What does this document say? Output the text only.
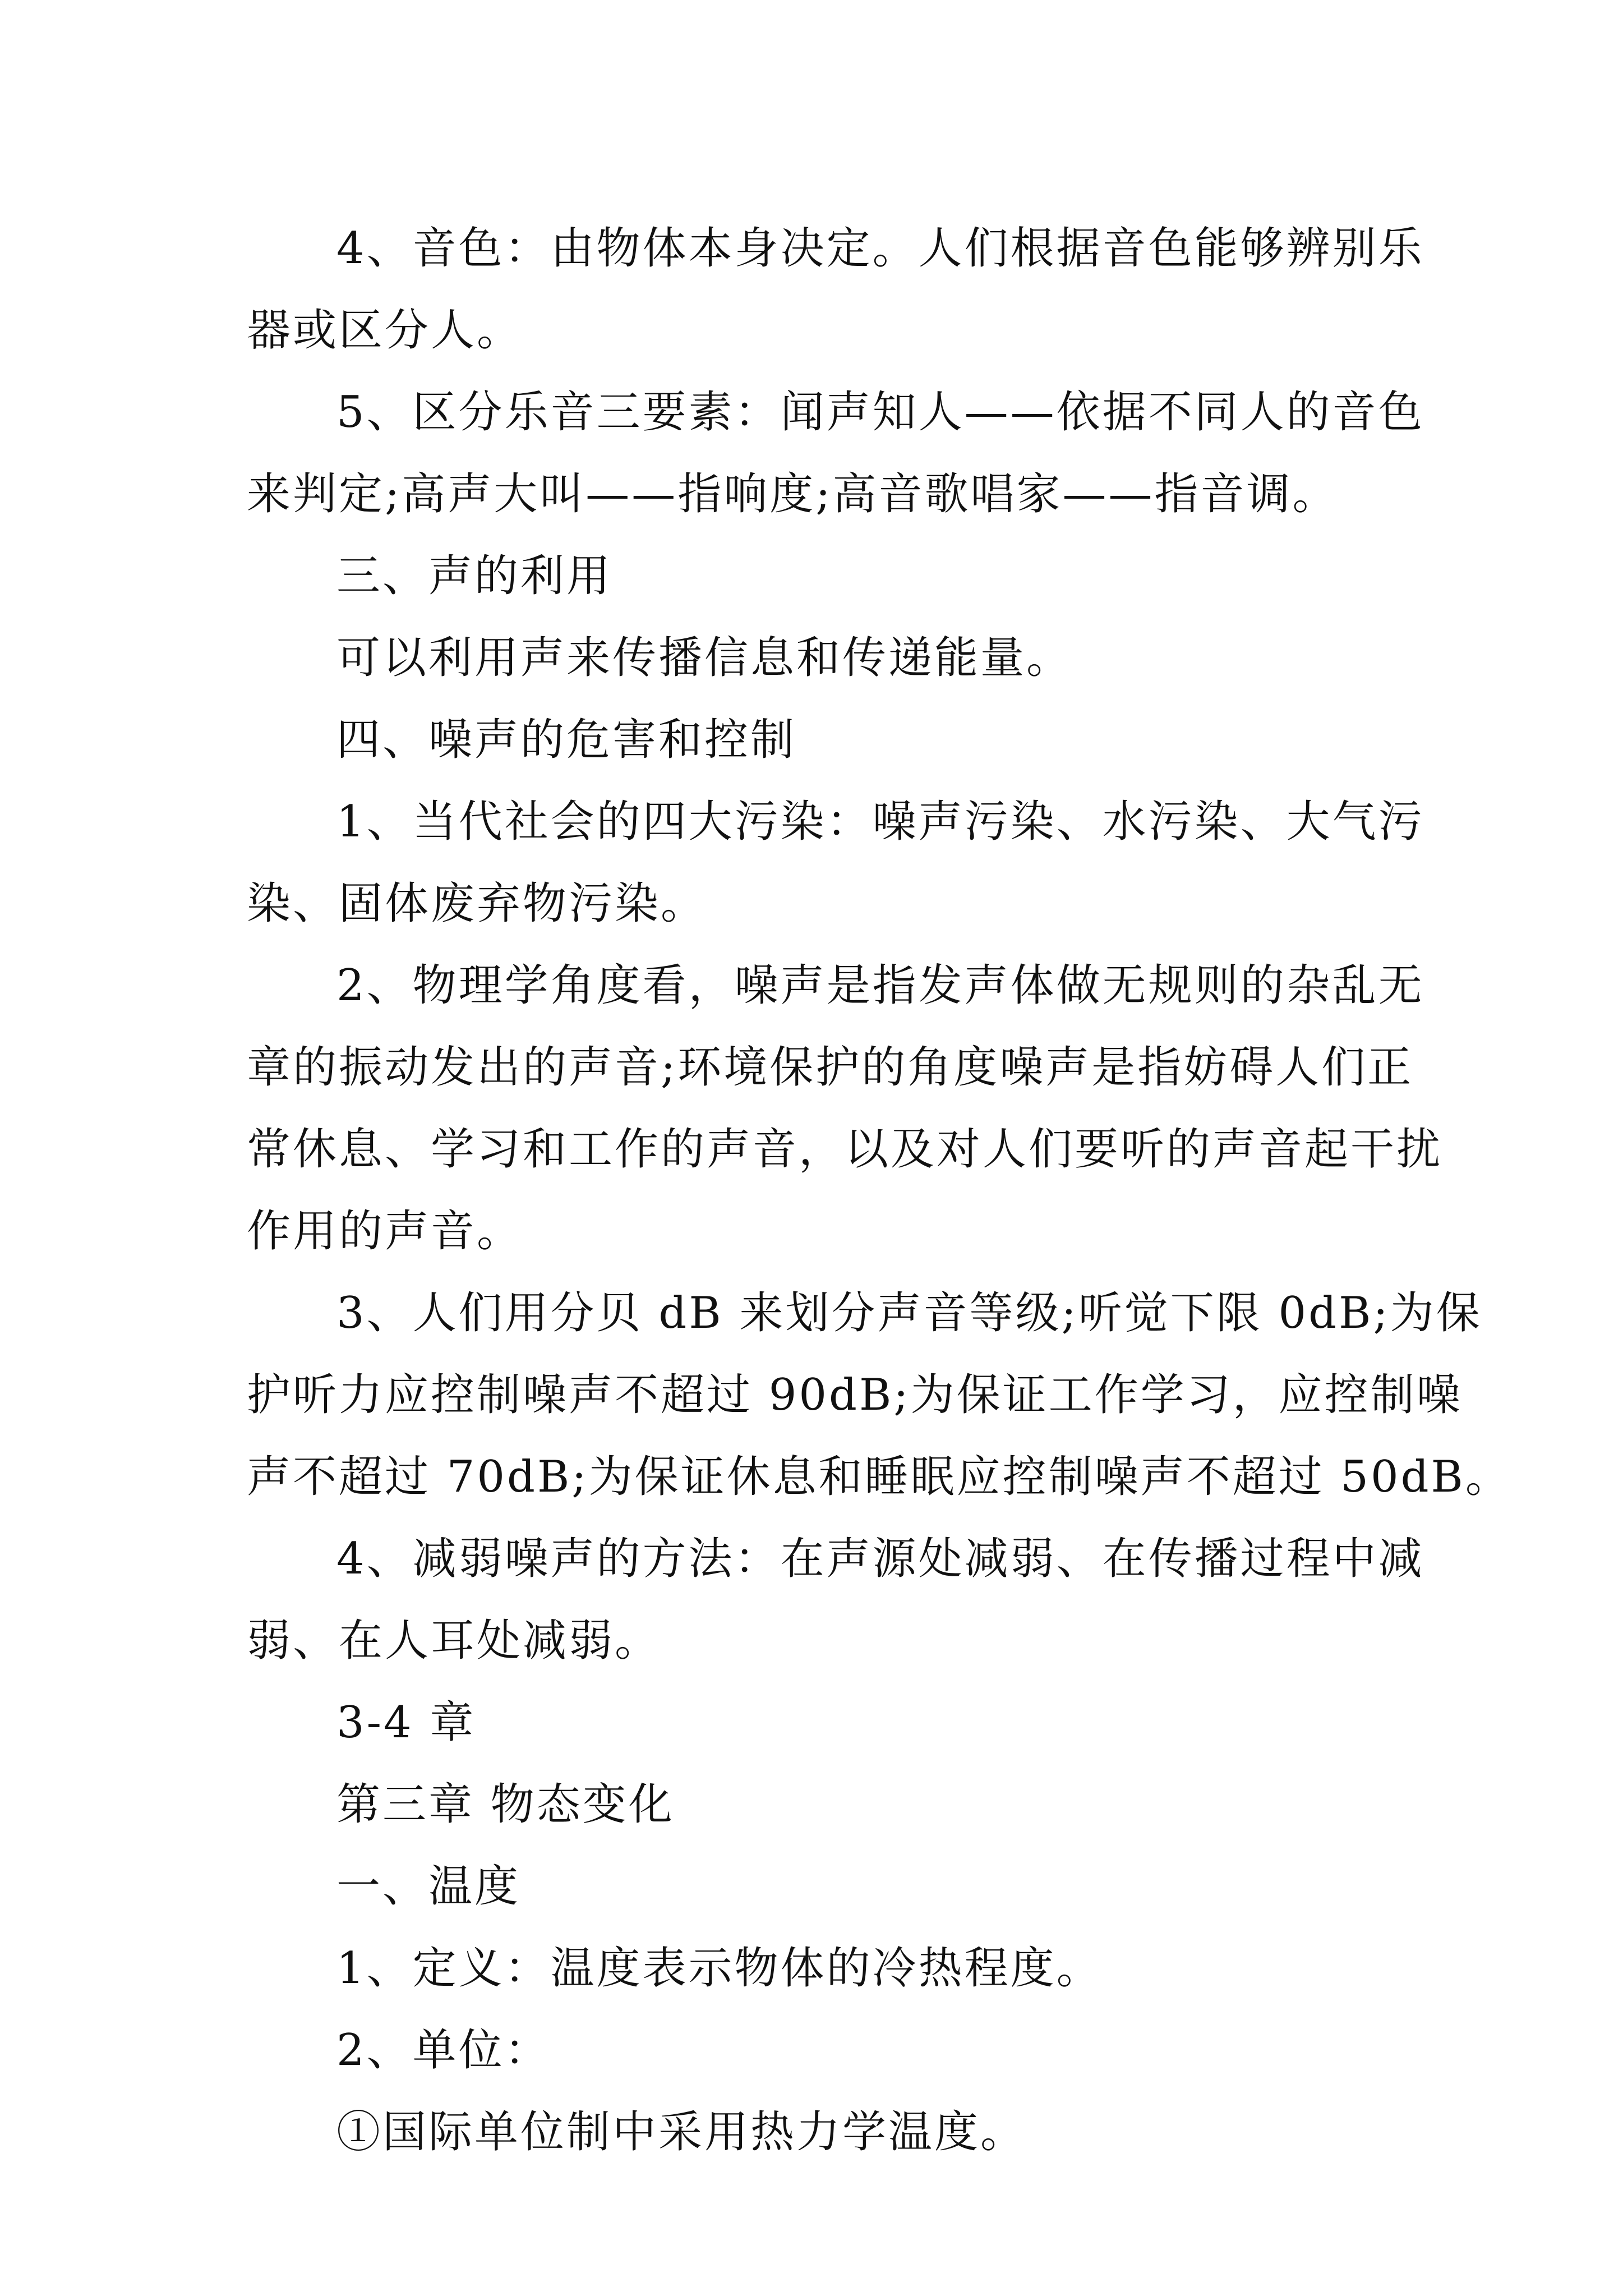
4、音色：由物体本身决定。人们根据音色能够辨别乐
器或区分人。

5、区分乐音三要素：闻声知人——依据不同人的音色
来判定;高声大叫——指响度;高音歌唱家——指音调。

三、声的利用

可以利用声来传播信息和传递能量。

四、噪声的危害和控制

1、当代社会的四大污染：噪声污染、水污染、大气污
染、固体废弃物污染。

2、物理学角度看，噪声是指发声体做无规则的杂乱无
章的振动发出的声音;环境保护的角度噪声是指妨碍人们正
常休息、学习和工作的声音，以及对人们要听的声音起干扰
作用的声音。

3、人们用分贝 dB 来划分声音等级;听觉下限 0dB;为保
护听力应控制噪声不超过 90dB;为保证工作学习，应控制噪
声不超过 70dB;为保证休息和睡眠应控制噪声不超过 50dB。

4、减弱噪声的方法：在声源处减弱、在传播过程中减
弱、在人耳处减弱。

3-4 章

第三章 物态变化

一、温度

1、定义：温度表示物体的冷热程度。

2、单位：

①国际单位制中采用热力学温度。
